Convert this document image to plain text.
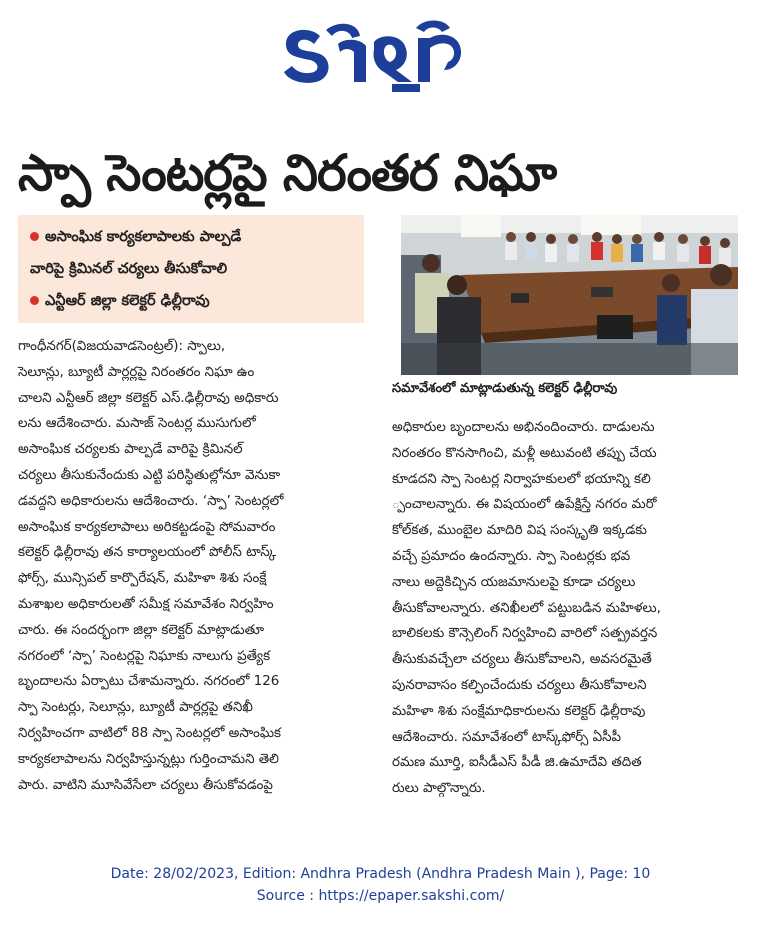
స్పా సెంటర్లపై నిరంతర నిఘా
అసాంఘిక కార్యకలాపాలకు పాల్పడే
వారిపై క్రిమినల్‌ చర్యలు తీసుకోవాలి
ఎన్టీఆర్‌ జిల్లా కలెక్టర్‌ ఢిల్లీరావు
సమావేశంలో మాట్లాడుతున్న కలెక్టర్‌ ఢిల్లీరావు

గాంధీనగర్‌(విజయవాడసెంట్రల్‌): స్పాలు,

సెలూన్లు, బ్యూటీ పార్లర్లపై నిరంతరం నిఘా ఉం

చాలని ఎన్టీఆర్‌ జిల్లా కలెక్టర్‌ ఎస్‌.ఢిల్లీరావు అధికారు

లను ఆదేశించారు. మసాజ్‌ సెంటర్ల ముసుగులో

అసాంఘిక చర్యలకు పాల్పడే వారిపై క్రిమినల్‌

చర్యలు తీసుకునేందుకు ఎట్టి పరిస్థితుల్లోనూ వెనుకా

డవద్దని అధికారులను ఆదేశించారు. ‘స్పా’ సెంటర్లలో

అసాంఘిక కార్యకలాపాలు అరికట్టడంపై సోమవారం

కలెక్టర్‌ ఢిల్లీరావు తన కార్యాలయంలో పోలీస్‌ టాస్క్‌

ఫోర్స్‌, మున్సిపల్‌ కార్పొరేషన్‌, మహిళా శిశు సంక్షే

మశాఖల అధికారులతో సమీక్ష సమావేశం నిర్వహిం

చారు. ఈ సందర్భంగా జిల్లా కలెక్టర్‌ మాట్లాడుతూ

నగరంలో ‘స్పా’ సెంటర్లపై నిఘాకు నాలుగు ప్రత్యేక

బృందాలను ఏర్పాటు చేశామన్నారు. నగరంలో 126

స్పా సెంటర్లు, సెలూన్లు, బ్యూటీ పార్లర్లపై తనిఖీ

నిర్వహించగా వాటిలో 88 స్పా సెంటర్లలో అసాంఘిక

కార్యకలాపాలను నిర్వహిస్తున్నట్లు గుర్తించామని తెలి

పారు. వాటిని మూసివేసేలా చర్యలు తీసుకోవడంపై

అధికారుల బృందాలను అభినందించారు. దాడులను

నిరంతరం కొనసాగించి, మళ్లీ అటువంటి తప్పు చేయ

కూడదని స్పా సెంటర్ల నిర్వాహకులలో భయాన్ని కలి

్పంచాలన్నారు. ఈ విషయంలో ఉపేక్షిస్తే నగరం మరో

కోల్‌కత, ముంబైల మాదిరి విష సంస్కృతి ఇక్కడకు

వచ్చే ప్రమాదం ఉందన్నారు. స్పా సెంటర్లకు భవ

నాలు అద్దెకిచ్చిన యజమానులపై కూడా చర్యలు

తీసుకోవాలన్నారు. తనిఖీలలో పట్టుబడిన మహిళలు,

బాలికలకు కౌన్సెలింగ్‌ నిర్వహించి వారిలో సత్ప్రవర్తన

తీసుకువచ్చేలా చర్యలు తీసుకోవాలని, అవసరమైతే

పునరావాసం కల్పించేందుకు చర్యలు తీసుకోవాలని

మహిళా శిశు సంక్షేమాధికారులను కలెక్టర్‌ ఢిల్లీరావు

ఆదేశించారు. సమావేశంలో టాస్క్‌ఫోర్స్‌ ఏసీపీ

రమణ మూర్తి, ఐసీడీఎస్‌ పీడీ జి.ఉమాదేవి తదిత

రులు పాల్గొన్నారు.

Date: 28/02/2023, Edition: Andhra Pradesh (Andhra Pradesh Main ), Page: 10
Source : https://epaper.sakshi.com/
